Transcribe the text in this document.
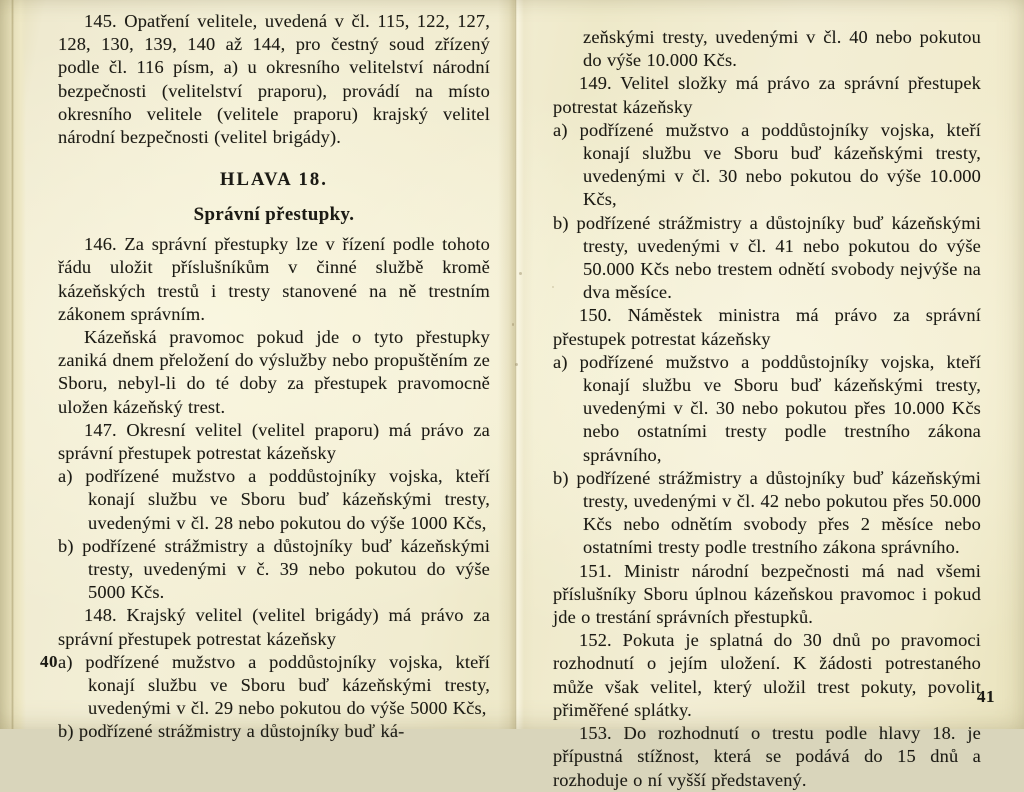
145. Opatření velitele, uvedená v čl. 115, 122, 127, 128, 130, 139, 140 až 144, pro čestný soud zřízený podle čl. 116 písm, a) u okresního velitelství národní bezpečnosti (velitelství praporu), provádí na místo okresního velitele (velitele praporu) krajský velitel národní bezpečnosti (velitel brigády).

HLAVA 18.
Správní přestupky.

146. Za správní přestupky lze v řízení podle tohoto řádu uložit příslušníkům v činné službě kromě kázeňských trestů i tresty stanovené na ně trestním zákonem správním.

Kázeňská pravomoc pokud jde o tyto přestupky zaniká dnem přeložení do výslužby nebo propuštěním ze Sboru, nebyl-li do té doby za přestupek pravomocně uložen kázeňský trest.

147. Okresní velitel (velitel praporu) má právo za správní přestupek potrestat kázeňsky

a) podřízené mužstvo a poddůstojníky vojska, kteří konají službu ve Sboru buď kázeňskými tresty, uvedenými v čl. 28 nebo pokutou do výše 1000 Kčs,

b) podřízené strážmistry a důstojníky buď kázeňskými tresty, uvedenými v č. 39 nebo pokutou do výše 5000 Kčs.

148. Krajský velitel (velitel brigády) má právo za správní přestupek potrestat kázeňsky

a) podřízené mužstvo a poddůstojníky vojska, kteří konají službu ve Sboru buď kázeňskými tresty, uvedenými v čl. 29 nebo pokutou do výše 5000 Kčs,

b) podřízené strážmistry a důstojníky buď ká-

40

zeňskými tresty, uvedenými v čl. 40 nebo pokutou do výše 10.000 Kčs.

149. Velitel složky má právo za správní přestupek potrestat kázeňsky

a) podřízené mužstvo a poddůstojníky vojska, kteří konají službu ve Sboru buď kázeňskými tresty, uvedenými v čl. 30 nebo pokutou do výše 10.000 Kčs,

b) podřízené strážmistry a důstojníky buď kázeňskými tresty, uvedenými v čl. 41 nebo pokutou do výše 50.000 Kčs nebo trestem odnětí svobody nejvýše na dva měsíce.

150. Náměstek ministra má právo za správní přestupek potrestat kázeňsky

a) podřízené mužstvo a poddůstojníky vojska, kteří konají službu ve Sboru buď kázeňskými tresty, uvedenými v čl. 30 nebo pokutou přes 10.000 Kčs nebo ostatními tresty podle trestního zákona správního,

b) podřízené strážmistry a důstojníky buď kázeňskými tresty, uvedenými v čl. 42 nebo pokutou přes 50.000 Kčs nebo odnětím svobody přes 2 měsíce nebo ostatními tresty podle trestního zákona správního.

151. Ministr národní bezpečnosti má nad všemi příslušníky Sboru úplnou kázeňskou pravomoc i pokud jde o trestání správních přestupků.

152. Pokuta je splatná do 30 dnů po pravomoci rozhodnutí o jejím uložení. K žádosti potrestaného může však velitel, který uložil trest pokuty, povolit přiměřené splátky.

153. Do rozhodnutí o trestu podle hlavy 18. je přípustná stížnost, která se podává do 15 dnů a rozhoduje o ní vyšší představený.

41
